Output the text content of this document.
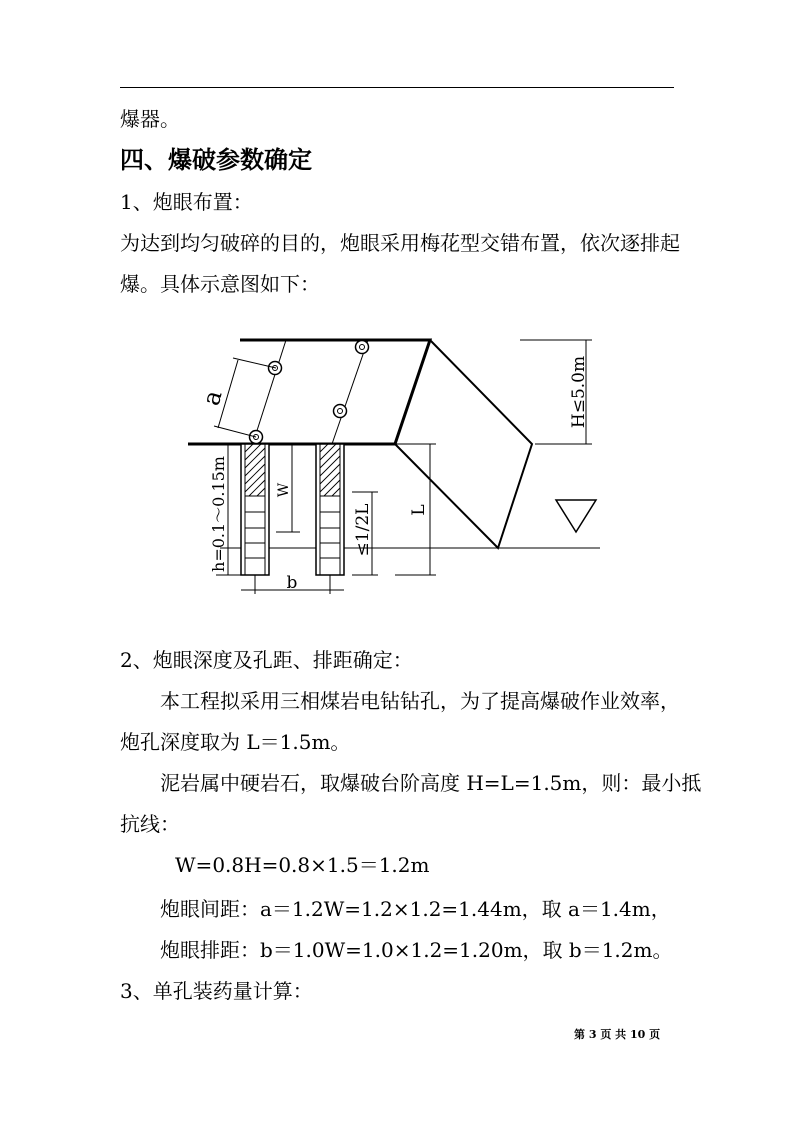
爆器。
四、爆破参数确定
1、炮眼布置：
为达到均匀破碎的目的，炮眼采用梅花型交错布置，依次逐排起
爆。具体示意图如下：
a	H≤5.0m
L
≤1/2L
W
h=0.1～0.15m
b
2、炮眼深度及孔距、排距确定：
本工程拟采用三相煤岩电钻钻孔，为了提高爆破作业效率，
炮孔深度取为 L＝1.5m。
泥岩属中硬岩石，取爆破台阶高度 H=L=1.5m，则：最小抵
抗线：
W=0.8H=0.8×1.5＝1.2m
炮眼间距：a＝1.2W=1.2×1.2=1.44m，取 a＝1.4m，
炮眼排距：b＝1.0W=1.0×1.2=1.20m，取 b＝1.2m。
3、单孔装药量计算：
第 3 页 共 10 页
